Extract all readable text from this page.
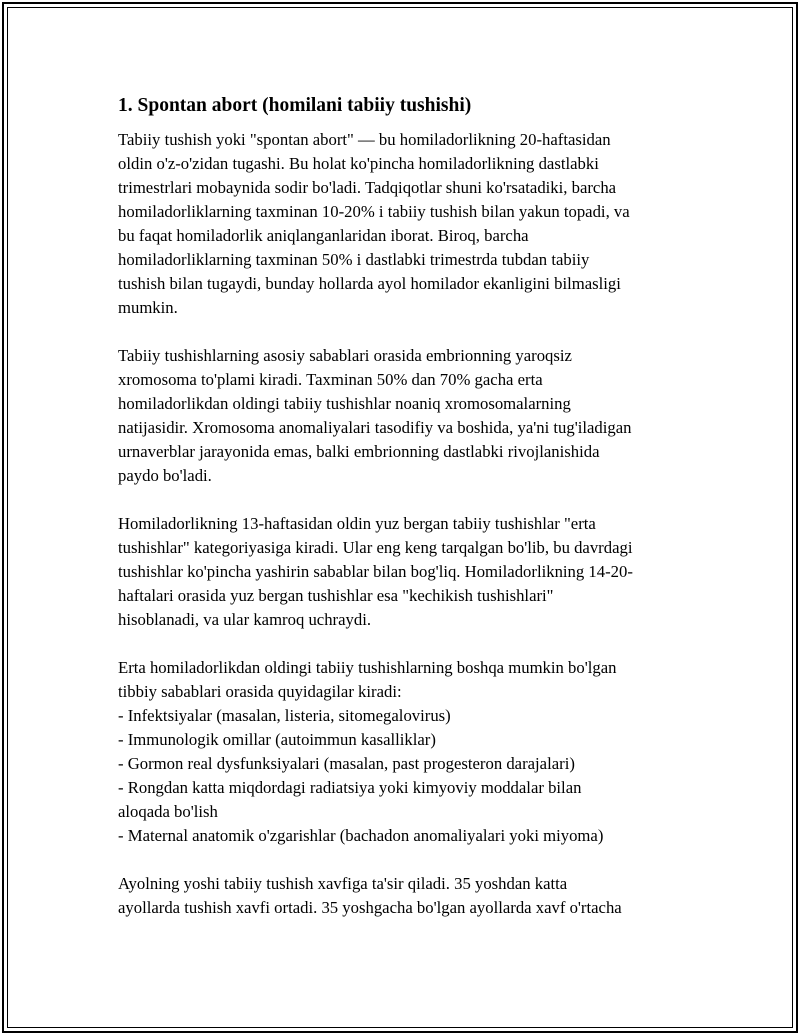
1. Spontan abort (homilani tabiiy tushishi)

Tabiiy tushish yoki "spontan abort" — bu homiladorlikning 20-haftasidan
oldin o'z-o'zidan tugashi. Bu holat ko'pincha homiladorlikning dastlabki
trimestrlari mobaynida sodir bo'ladi. Tadqiqotlar shuni ko'rsatadiki, barcha
homiladorliklarning taxminan 10-20% i tabiiy tushish bilan yakun topadi, va
bu faqat homiladorlik aniqlanganlaridan iborat. Biroq, barcha
homiladorliklarning taxminan 50% i dastlabki trimestrda tubdan tabiiy
tushish bilan tugaydi, bunday hollarda ayol homilador ekanligini bilmasligi
mumkin.

Tabiiy tushishlarning asosiy sabablari orasida embrionning yaroqsiz
xromosoma to'plami kiradi. Taxminan 50% dan 70% gacha erta
homiladorlikdan oldingi tabiiy tushishlar noaniq xromosomalarning
natijasidir. Xromosoma anomaliyalari tasodifiy va boshida, ya'ni tug'iladigan
urnaverblar jarayonida emas, balki embrionning dastlabki rivojlanishida
paydo bo'ladi.

Homiladorlikning 13-haftasidan oldin yuz bergan tabiiy tushishlar "erta
tushishlar" kategoriyasiga kiradi. Ular eng keng tarqalgan bo'lib, bu davrdagi
tushishlar ko'pincha yashirin sabablar bilan bog'liq. Homiladorlikning 14-20-
haftalari orasida yuz bergan tushishlar esa "kechikish tushishlari"
hisoblanadi, va ular kamroq uchraydi.

Erta homiladorlikdan oldingi tabiiy tushishlarning boshqa mumkin bo'lgan
tibbiy sabablari orasida quyidagilar kiradi:
- Infektsiyalar (masalan, listeria, sitomegalovirus)
- Immunologik omillar (autoimmun kasalliklar)
- Gormon real dysfunksiyalari (masalan, past progesteron darajalari)
- Rongdan katta miqdordagi radiatsiya yoki kimyoviy moddalar bilan
aloqada bo'lish
- Maternal anatomik o'zgarishlar (bachadon anomaliyalari yoki miyoma)

Ayolning yoshi tabiiy tushish xavfiga ta'sir qiladi. 35 yoshdan katta
ayollarda tushish xavfi ortadi. 35 yoshgacha bo'lgan ayollarda xavf o'rtacha
